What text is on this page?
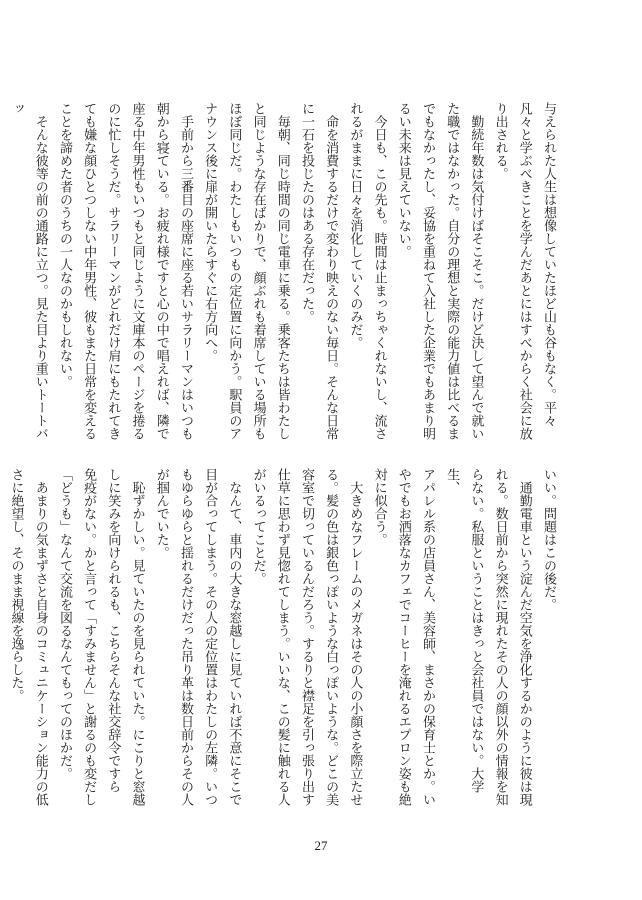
与えられた人生は想像していたほど山も谷もなく。平々
凡々と学ぶべきことを学んだあとにはすべからく社会に放
り出される。
　勤続年数は気付けばそこそこ。だけど決して望んで就い
た職ではなかった。自分の理想と実際の能力値は比べるま
でもなかったし、妥協を重ねて入社した企業でもあまり明
るい未来は見えていない。
　今日も、この先も。時間は止まっちゃくれないし、流さ
れるがままに日々を消化していくのみだ。
　命を消費するだけで変わり映えのない毎日。そんな日常
に一石を投じたのはある存在だった。
　毎朝、同じ時間の同じ電車に乗る。乗客たちは皆わたし
と同じような存在ばかりで、顔ぶれも着席している場所も
ほぼ同じだ。わたしもいつもの定位置に向かう。駅員のア
ナウンス後に扉が開いたらすぐに右方向へ。
　手前から三番目の座席に座る若いサラリーマンはいつも
朝から寝ている。お疲れ様ですと心の中で唱えれば、隣で
座る中年男性もいつもと同じように文庫本のページを捲る
のに忙しそうだ。サラリーマンがどれだけ肩にもたれてき
ても嫌な顔ひとつしない中年男性、彼もまた日常を変える
ことを諦めた者のうちの一人なのかもしれない。
　そんな彼等の前の通路に立つ。見た目より重いトートバッ
いい。問題はこの後だ。
　通勤電車という淀んだ空気を浄化するかのように彼は現
れる。数日前から突然に現れたその人の顔以外の情報を知
らない。私服ということはきっと会社員ではない。大学生、
アパレル系の店員さん、美容師、まさかの保育士とか。い
やでもお洒落なカフェでコーヒーを淹れるエプロン姿も絶
対に似合う。
　大きめなフレームのメガネはその人の小顔さを際立たせ
る。髪の色は銀色っぽいような白っぽいような。どこの美
容室で切っているんだろう。するりと襟足を引っ張り出す
仕草に思わず見惚れてしまう。いいな、この髪に触れる人
がいるってことだ。
　なんて、車内の大きな窓越しに見ていれば不意にそこで
目が合ってしまう。その人の定位置はわたしの左隣。いつ
もゆらゆらと揺れるだけだった吊り革は数日前からその人
が掴んでいた。
　恥ずかしい。見ていたのを見られていた。にこりと窓越
しに笑みを向けられるも、こちらそんな社交辞令ですら
免疫がない。かと言って「すみません」と謝るのも変だし
「どうも」なんて交流を図るなんてもってのほかだ。
　あまりの気まずさと自身のコミュニケーション能力の低
さに絶望し、そのまま視線を逸らした。
27
